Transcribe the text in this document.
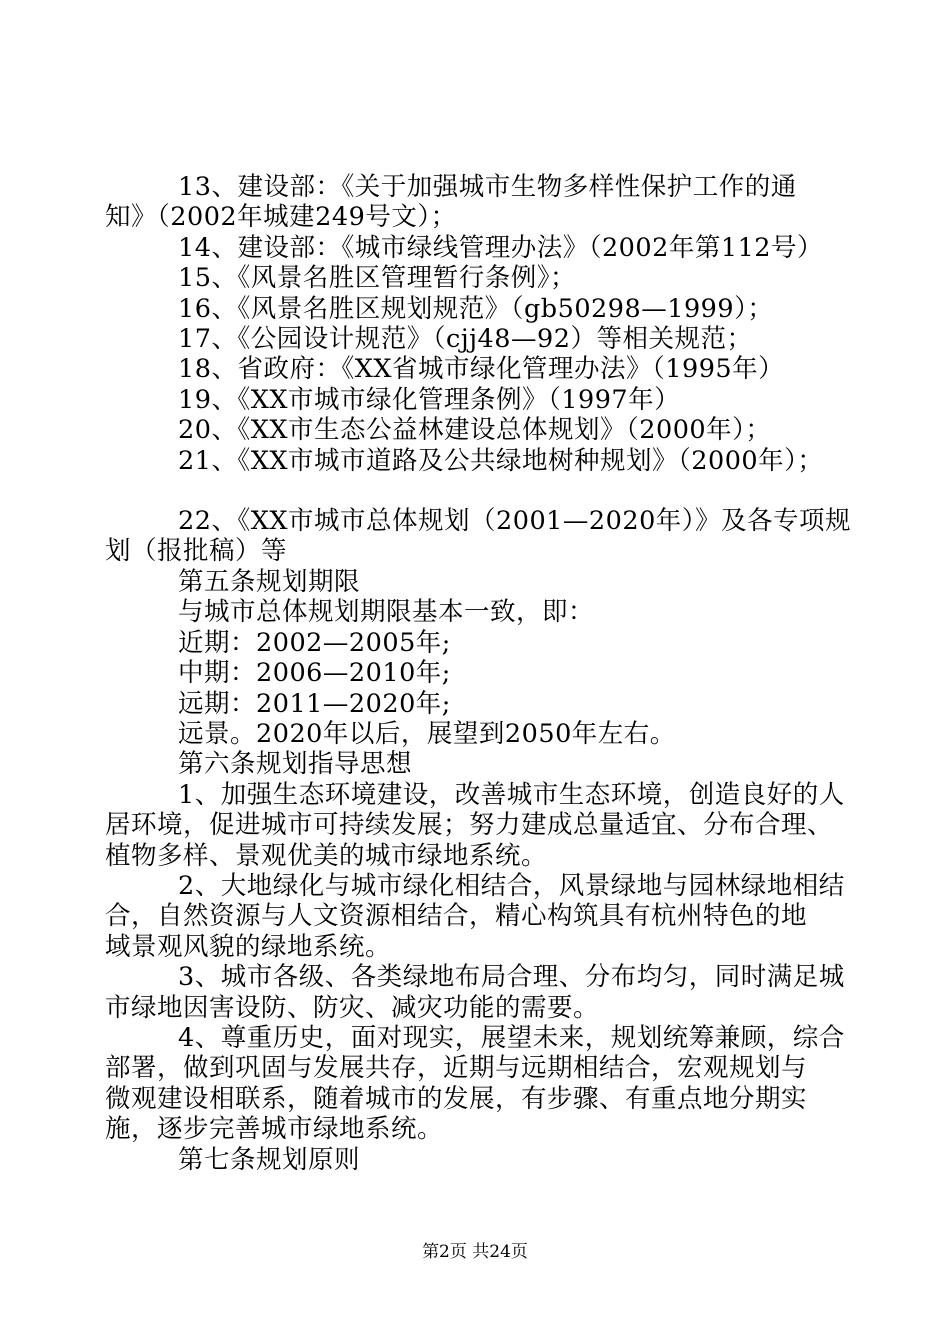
13、建设部：《关于加强城市生物多样性保护工作的通
知》（2002年城建249号文）；
14、建设部：《城市绿线管理办法》（2002年第112号）
15、《风景名胜区管理暂行条例》；
16、《风景名胜区规划规范》（gb50298—1999）；
17、《公园设计规范》（cjj48—92）等相关规范；
18、省政府：《XX省城市绿化管理办法》（1995年）
19、《XX市城市绿化管理条例》（1997年）
20、《XX市生态公益林建设总体规划》（2000年）；
21、《XX市城市道路及公共绿地树种规划》（2000年）；
22、《XX市城市总体规划（2001—2020年）》及各专项规
划（报批稿）等
第五条规划期限
与城市总体规划期限基本一致，即：
近期：2002—2005年;
中期：2006—2010年;
远期：2011—2020年;
远景。2020年以后，展望到2050年左右。
第六条规划指导思想
1、加强生态环境建设，改善城市生态环境，创造良好的人
居环境，促进城市可持续发展；努力建成总量适宜、分布合理、
植物多样、景观优美的城市绿地系统。
2、大地绿化与城市绿化相结合，风景绿地与园林绿地相结
合，自然资源与人文资源相结合，精心构筑具有杭州特色的地
域景观风貌的绿地系统。
3、城市各级、各类绿地布局合理、分布均匀，同时满足城
市绿地因害设防、防灾、减灾功能的需要。
4、尊重历史，面对现实，展望未来，规划统筹兼顾，综合
部署，做到巩固与发展共存，近期与远期相结合，宏观规划与
微观建设相联系，随着城市的发展，有步骤、有重点地分期实
施，逐步完善城市绿地系统。
第七条规划原则
第2页 共24页
